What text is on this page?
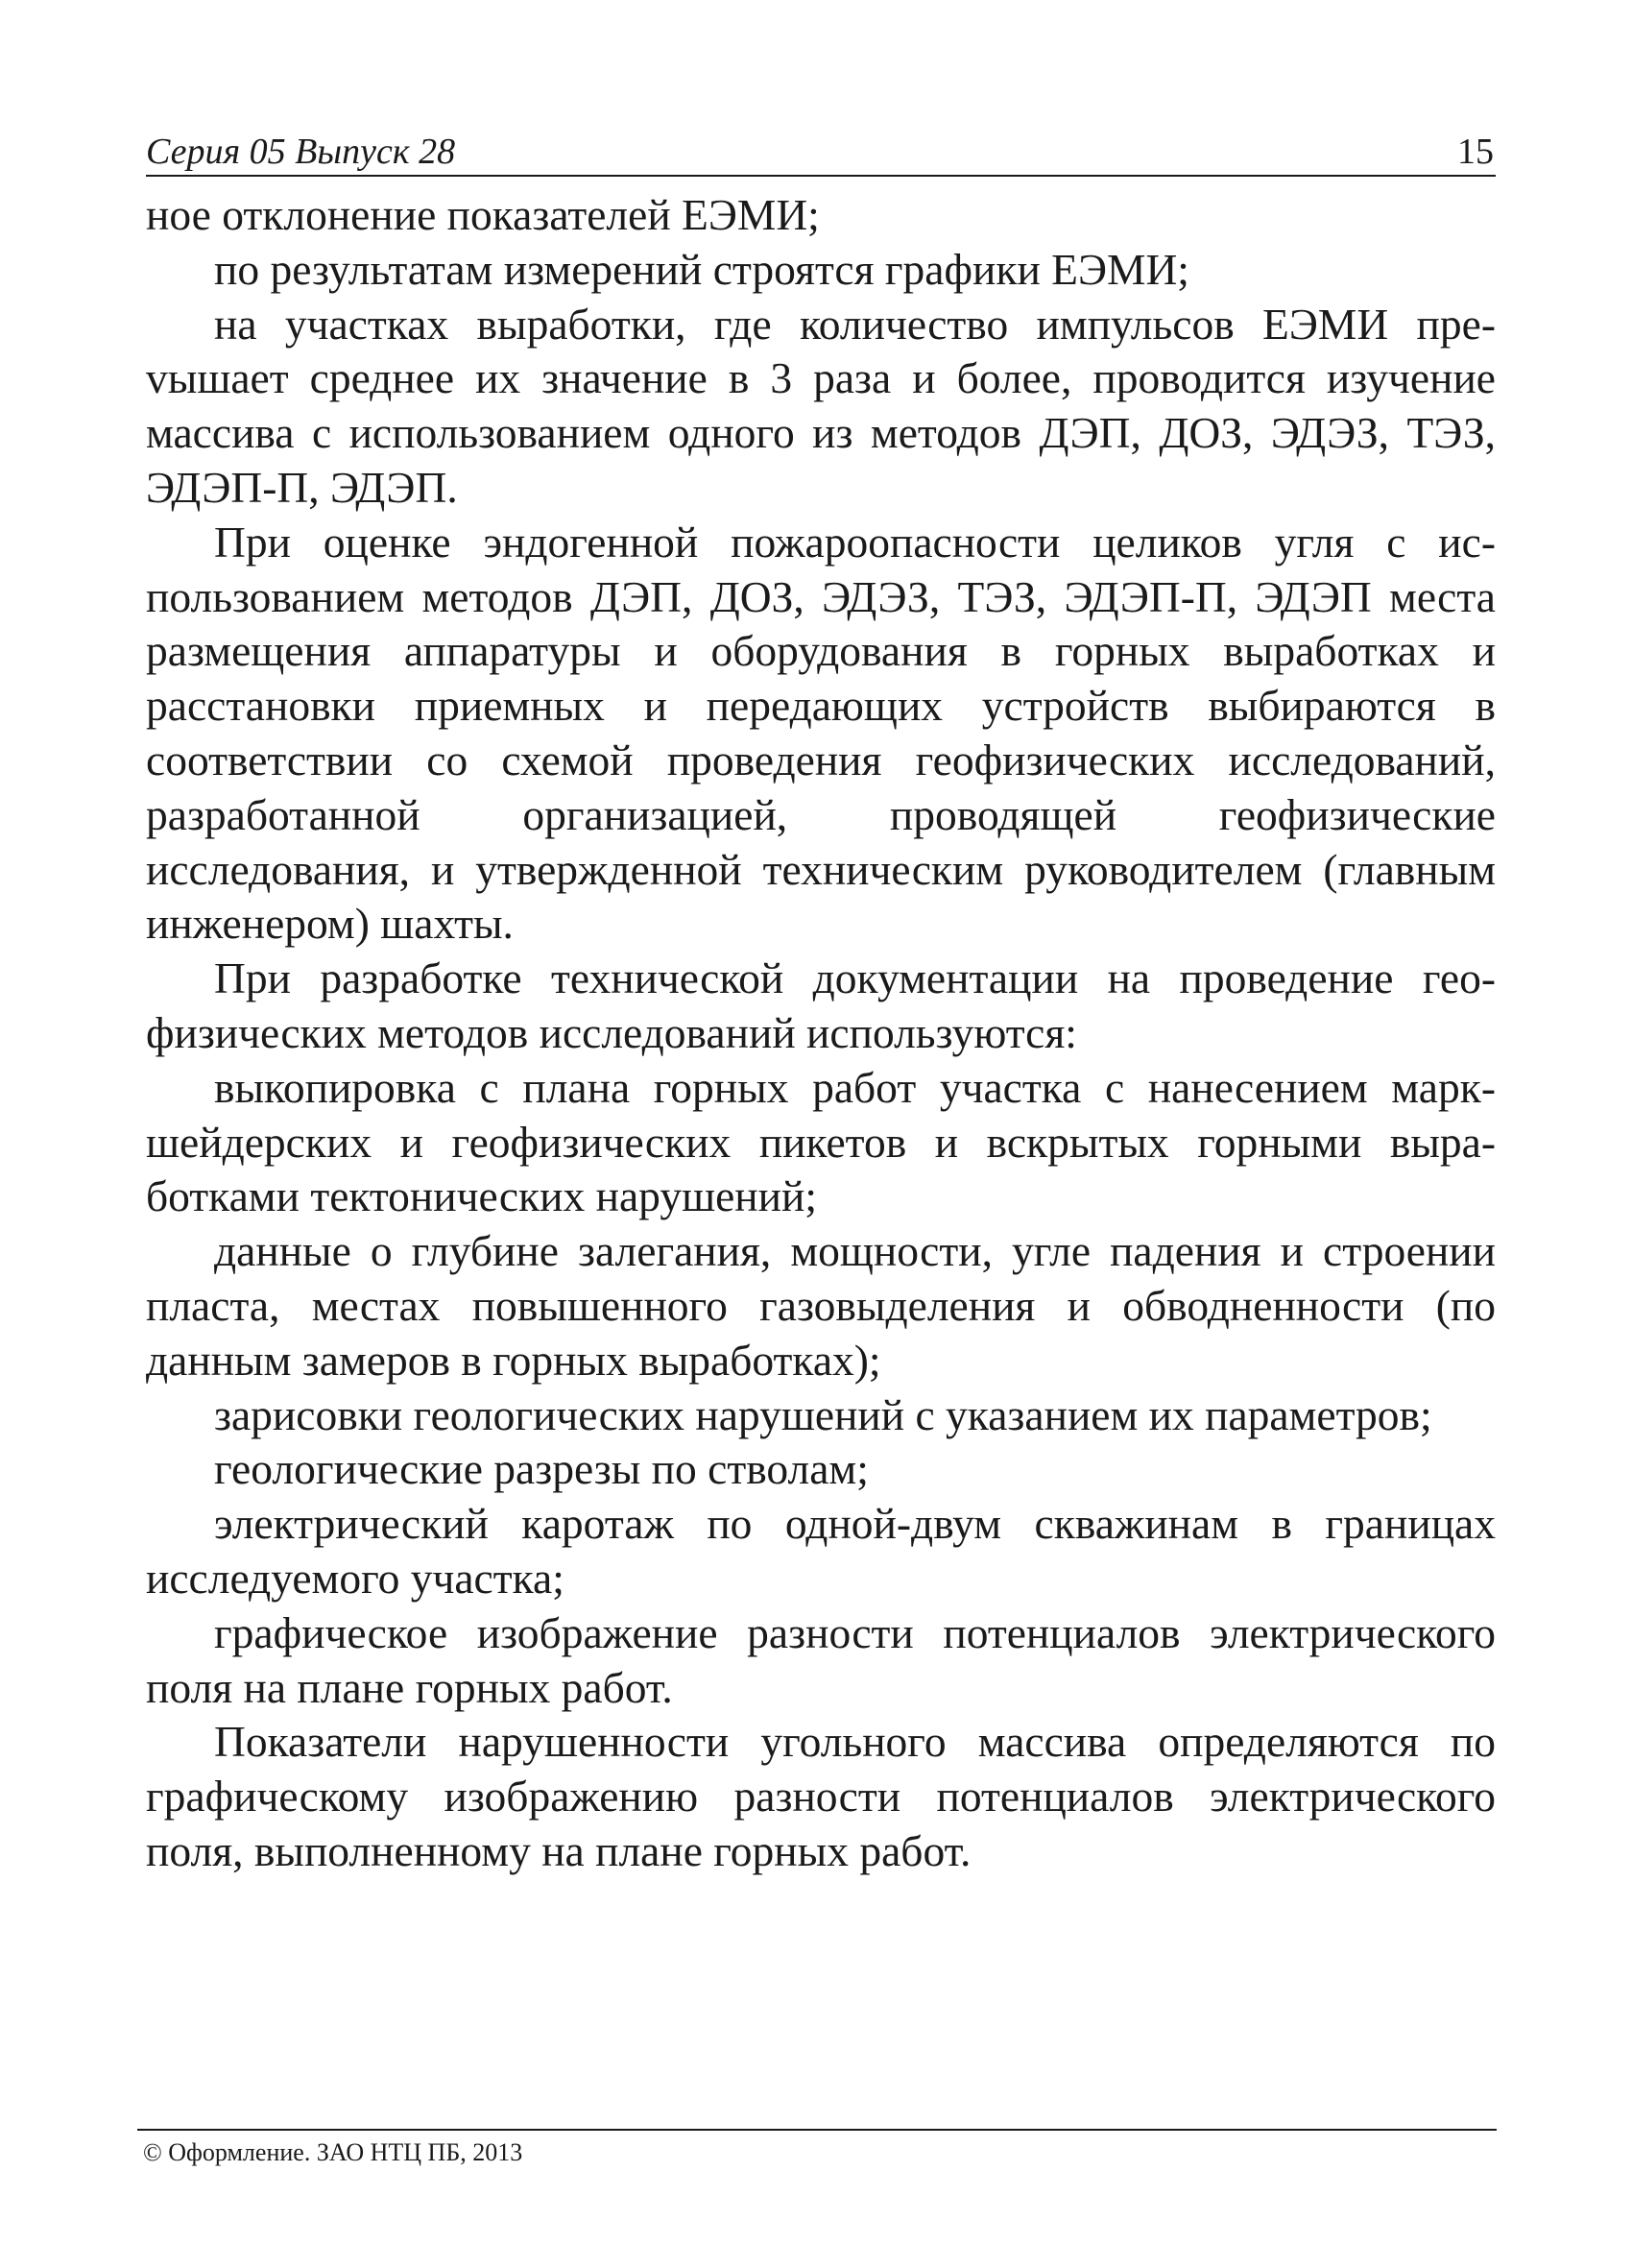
Серия 05 Выпуск 28	15

ное отклонение показателей ЕЭМИ;

по результатам измерений строятся графики ЕЭМИ;

на участках выработки, где количество импульсов ЕЭМИ преvышает среднее их значение в 3 раза и более, проводится изучение массива с использованием одного из методов ДЭП, ДОЗ, ЭДЭЗ, ТЭЗ, ЭДЭП-П, ЭДЭП.

При оценке эндогенной пожароопасности целиков угля с использованием методов ДЭП, ДОЗ, ЭДЭЗ, ТЭЗ, ЭДЭП-П, ЭДЭП места размещения аппаратуры и оборудования в горных выработках и расстановки приемных и передающих устройств выбираются в соответствии со схемой проведения геофизических исследований, разработанной организацией, проводящей геофизические исследования, и утвержденной техническим руководителем (главным инженером) шахты.

При разработке технической документации на проведение геофизических методов исследований используются:

выкопировка с плана горных работ участка с нанесением маркшейдерских и геофизических пикетов и вскрытых горными выработками тектонических нарушений;

данные о глубине залегания, мощности, угле падения и строении пласта, местах повышенного газовыделения и обводненности (по данным замеров в горных выработках);

зарисовки геологических нарушений с указанием их параметров;

геологические разрезы по стволам;

электрический каротаж по одной-двум скважинам в границах исследуемого участка;

графическое изображение разности потенциалов электрического поля на плане горных работ.

Показатели нарушенности угольного массива определяются по графическому изображению разности потенциалов электрического поля, выполненному на плане горных работ.

© Оформление. ЗАО НТЦ ПБ, 2013
